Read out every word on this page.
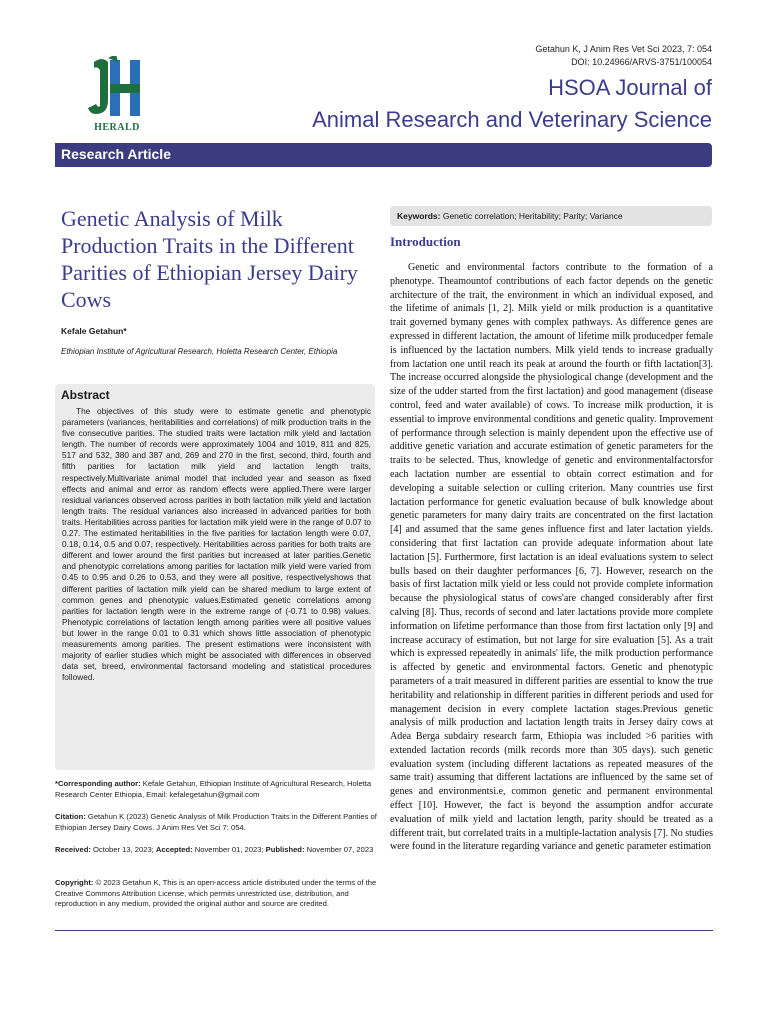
Getahun K, J Anim Res Vet Sci 2023, 7: 054
DOI: 10.24966/ARVS-3751/100054
HERALD
HSOA Journal of
Animal Research and Veterinary Science
Research Article
Genetic Analysis of Milk Production Traits in the Different Parities of Ethiopian Jersey Dairy Cows
Kefale Getahun*
Ethiopian Institute of Agricultural Research, Holetta Research Center, Ethiopia
Abstract

The objectives of this study were to estimate genetic and phenotypic parameters (variances, heritabilities and correlations) of milk production traits in the five consecutive parities. The studied traits were lactation milk yield and lactation length. The number of records were approximately 1004 and 1019, 811 and 825, 517 and 532, 380 and 387 and, 269 and 270 in the first, second, third, fourth and fifth parities for lactation milk yield and lactation length traits, respectively.Multivariate animal model that included year and season as fixed effects and animal and error as random effects were applied.There were larger residual variances observed across parities in both lactation milk yield and lactation length traits. The residual variances also increased in advanced parities for both traits. Heritabilities across parities for lactation milk yield were in the range of 0.07 to 0.27. The estimated heritabilities in the five parities for lactation length were 0.07, 0.18, 0.14, 0.5 and 0.07, respectively. Heritabilities across parities for both traits are different and lower around the first parities but increased at later parities.Genetic and phenotypic correlations among parities for lactation milk yield were varied from 0.45 to 0.95 and 0.26 to 0.53, and they were all positive, respectivelyshows that different parities of lactation milk yield can be shared medium to large extent of common genes and phenotypic values.Estimated genetic correlations among parities for lactation length were in the extreme range of (-0.71 to 0.98) values. Phenotypic correlations of lactation length among parities were all positive values but lower in the range 0.01 to 0.31 which shows little association of phenotypic measurements among parities. The present estimations were inconsistent with majority of earlier studies which might be associated with differences in observed data set, breed, environmental factorsand modeling and statistical procedures followed.

*Corresponding author: Kefale Getahun, Ethiopian Institute of Agricultural Research, Holetta Research Center Ethiopia, Email: kefalegetahun@gmail.com
Citation: Getahun K (2023) Genetic Analysis of Milk Production Traits in the Different Parities of Ethiopian Jersey Dairy Cows. J Anim Res Vet Sci 7: 054.
Received: October 13, 2023; Accepted: November 01, 2023; Published: November 07, 2023
Copyright: © 2023 Getahun K, This is an open-access article distributed under the terms of the Creative Commons Attribution License, which permits unrestricted use, distribution, and reproduction in any medium, provided the original author and source are credited.
Keywords: Genetic correlation; Heritability; Parity; Variance
Introduction

Genetic and environmental factors contribute to the formation of a phenotype. Theamountof contributions of each factor depends on the genetic architecture of the trait, the environment in which an individual exposed, and the lifetime of animals [1, 2]. Milk yield or milk production is a quantitative trait governed bymany genes with complex pathways. As difference genes are expressed in different lactation, the amount of lifetime milk producedper female is influenced by the lactation numbers. Milk yield tends to increase gradually from lactation one until reach its peak at around the fourth or fifth lactation[3]. The increase occurred alongside the physiological change (development and the size of the udder started from the first lactation) and good management (disease control, feed and water available) of cows. To increase milk production, it is essential to improve environmental conditions and genetic quality. Improvement of performance through selection is mainly dependent upon the effective use of additive genetic variation and accurate estimation of genetic parameters for the traits to be selected. Thus, knowledge of genetic and environmentalfactorsfor each lactation number are essential to obtain correct estimation and for developing a suitable selection or culling criterion. Many countries use first lactation performance for genetic evaluation because of bulk knowledge about genetic parameters for many dairy traits are concentrated on the first lactation [4] and assumed that the same genes influence first and later lactation yields. considering that first lactation can provide adequate information about late lactation [5]. Furthermore, first lactation is an ideal evaluations system to select bulls based on their daughter performances [6, 7]. However, research on the basis of first lactation milk yield or less could not provide complete information because the physiological status of cows'are changed considerably after first calving [8]. Thus, records of second and later lactations provide more complete information on lifetime performance than those from first lactation only [9] and increase accuracy of estimation, but not large for sire evaluation [5]. As a trait which is expressed repeatedly in animals' life, the milk production performance is affected by genetic and environmental factors. Genetic and phenotypic parameters of a trait measured in different parities are essential to know the true heritability and relationship in different parities in different periods and used for management decision in every complete lactation stages.Previous genetic analysis of milk production and lactation length traits in Jersey dairy cows at Adea Berga subdairy research farm, Ethiopia was included >6 parities with extended lactation records (milk records more than 305 days). such genetic evaluation system (including different lactations as repeated measures of the same trait) assuming that different lactations are influenced by the same set of genes and environmentsi.e, common genetic and permanent environmental effect [10]. However, the fact is beyond the assumption andfor accurate evaluation of milk yield and lactation length, parity should be treated as a different trait, but correlated traits in a multiple-lactation analysis [7]. No studies were found in the literature regarding variance and genetic parameter estimation
